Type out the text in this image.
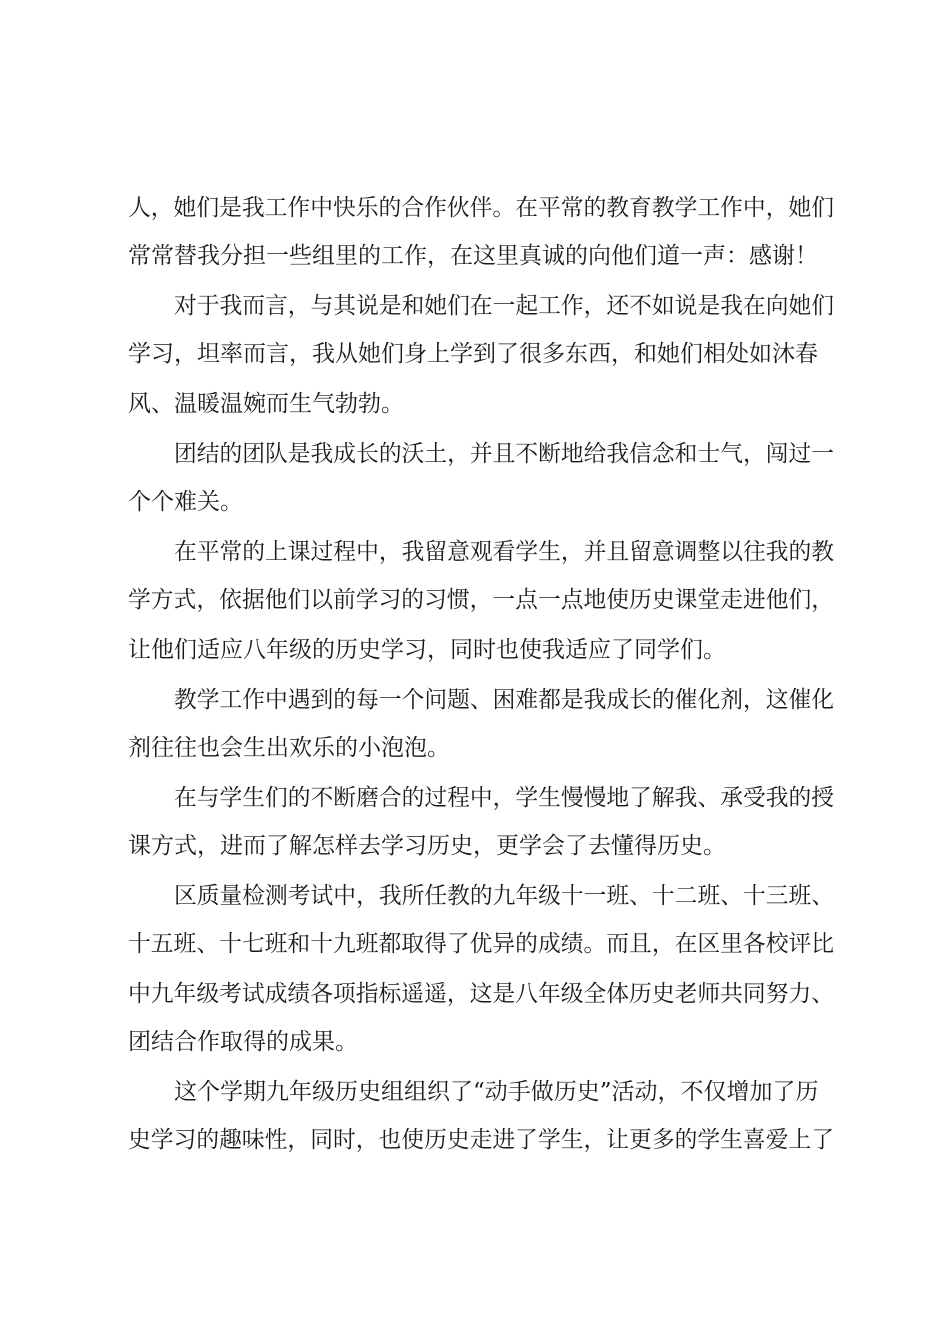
人，她们是我工作中快乐的合作伙伴。在平常的教育教学工作中，她们
常常替我分担一些组里的工作，在这里真诚的向他们道一声：感谢！
对于我而言，与其说是和她们在一起工作，还不如说是我在向她们
学习，坦率而言，我从她们身上学到了很多东西，和她们相处如沐春
风、温暖温婉而生气勃勃。
团结的团队是我成长的沃土，并且不断地给我信念和士气，闯过一
个个难关。
在平常的上课过程中，我留意观看学生，并且留意调整以往我的教
学方式，依据他们以前学习的习惯，一点一点地使历史课堂走进他们，
让他们适应八年级的历史学习，同时也使我适应了同学们。
教学工作中遇到的每一个问题、困难都是我成长的催化剂，这催化
剂往往也会生出欢乐的小泡泡。
在与学生们的不断磨合的过程中，学生慢慢地了解我、承受我的授
课方式，进而了解怎样去学习历史，更学会了去懂得历史。
区质量检测考试中，我所任教的九年级十一班、十二班、十三班、
十五班、十七班和十九班都取得了优异的成绩。而且，在区里各校评比
中九年级考试成绩各项指标遥遥，这是八年级全体历史老师共同努力、
团结合作取得的成果。
这个学期九年级历史组组织了“动手做历史”活动，不仅增加了历
史学习的趣味性，同时，也使历史走进了学生，让更多的学生喜爱上了
